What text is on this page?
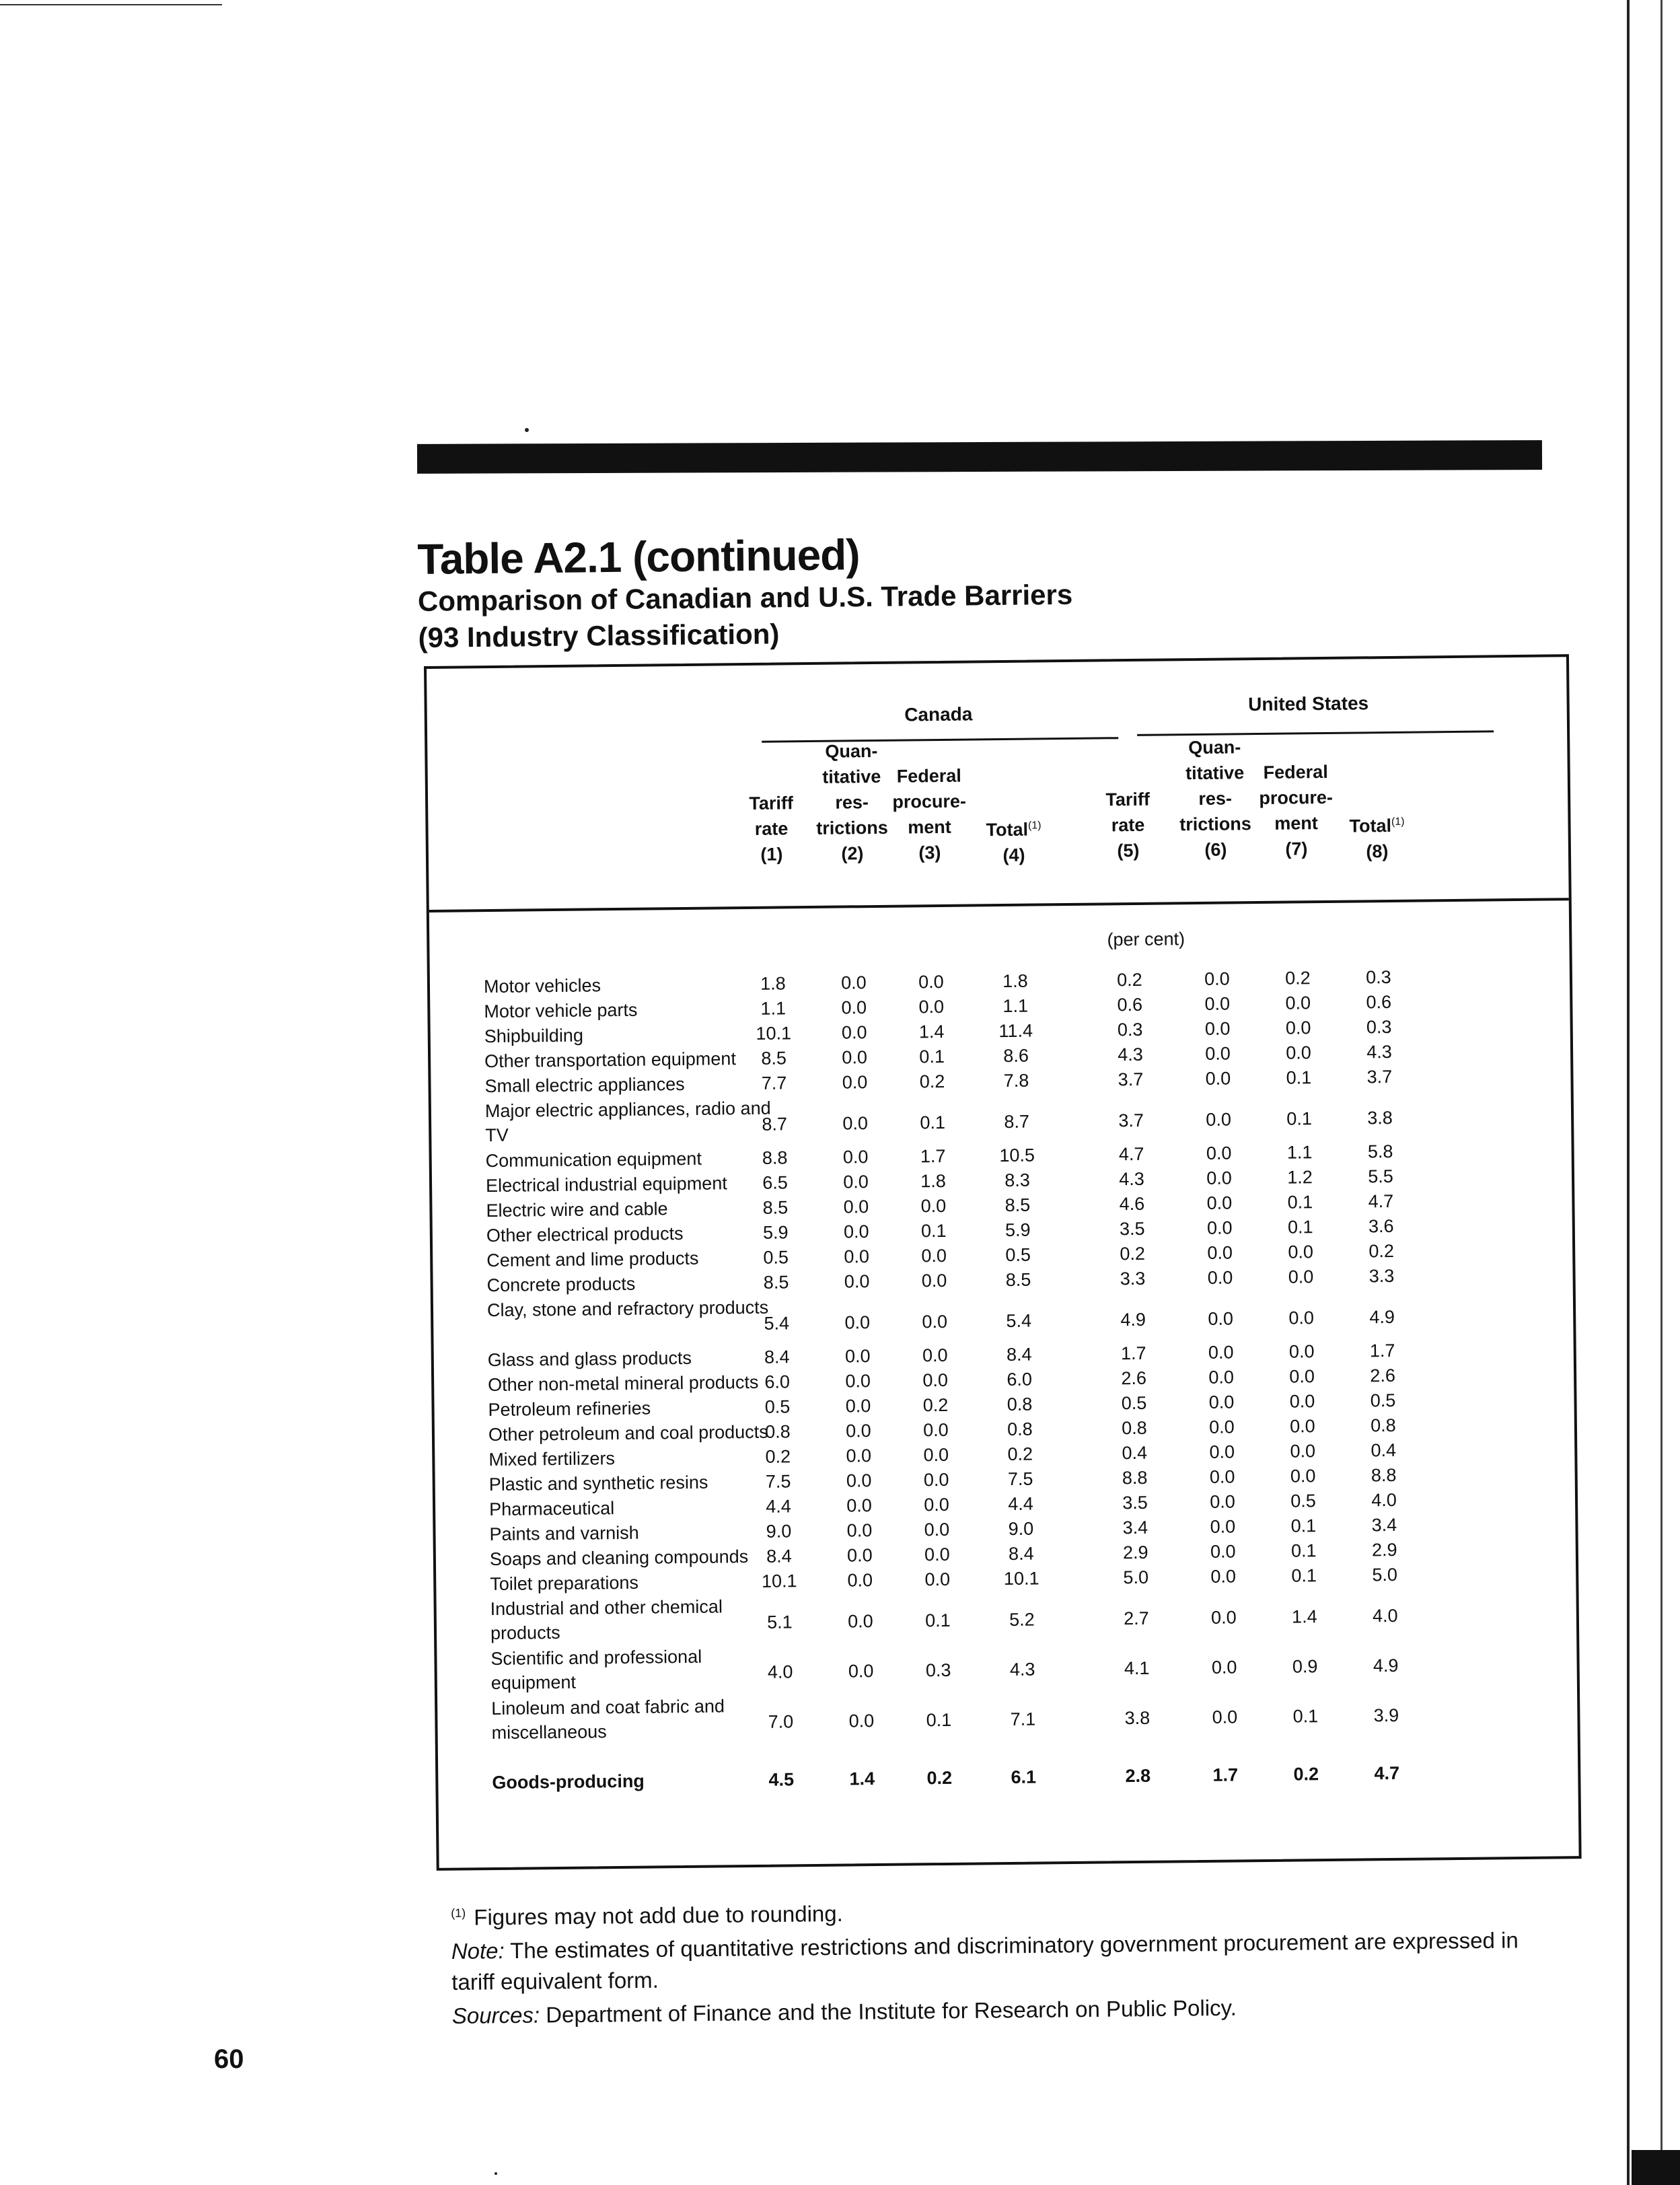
Table A2.1 (continued)

Comparison of Canadian and U.S. Trade Barriers

(93 Industry Classification)

Canada	United States
Tariff
rate
(1)
Quan-
titative
res-
trictions
(2)
Federal
procure-
ment
(3)
Total$^{(1)}$
(4)
Tariff
rate
(5)
Quan-
titative
res-
trictions
(6)
Federal
procure-
ment
(7)
Total$^{(1)}$
(8)
(per cent)
Motor vehicles	1.8	0.0	0.0	1.8	0.2	0.0	0.2	0.3
Motor vehicle parts	1.1	0.0	0.0	1.1	0.6	0.0	0.0	0.6
Shipbuilding	10.1	0.0	1.4	11.4	0.3	0.0	0.0	0.3
Other transportation equipment	8.5	0.0	0.1	8.6	4.3	0.0	0.0	4.3
Small electric appliances	7.7	0.0	0.2	7.8	3.7	0.0	0.1	3.7
Major electric appliances, radio and TV
8.7	0.0	0.1	8.7	3.7	0.0	0.1	3.8
Communication equipment	8.8	0.0	1.7	10.5	4.7	0.0	1.1	5.8
Electrical industrial equipment	6.5	0.0	1.8	8.3	4.3	0.0	1.2	5.5
Electric wire and cable	8.5	0.0	0.0	8.5	4.6	0.0	0.1	4.7
Other electrical products	5.9	0.0	0.1	5.9	3.5	0.0	0.1	3.6
Cement and lime products	0.5	0.0	0.0	0.5	0.2	0.0	0.0	0.2
Concrete products	8.5	0.0	0.0	8.5	3.3	0.0	0.0	3.3
Clay, stone and refractory products
5.4	0.0	0.0	5.4	4.9	0.0	0.0	4.9
Glass and glass products	8.4	0.0	0.0	8.4	1.7	0.0	0.0	1.7
Other non-metal mineral products 6.0	0.0	0.0	6.0	2.6	0.0	0.0	2.6
Petroleum refineries	0.5	0.0	0.2	0.8	0.5	0.0	0.0	0.5
Other petroleum and coal products
0.8	0.0	0.0	0.8	0.8	0.0	0.0	0.8
Mixed fertilizers	0.2	0.0	0.0	0.2	0.4	0.0	0.0	0.4
Plastic and synthetic resins	7.5	0.0	0.0	7.5	8.8	0.0	0.0	8.8
Pharmaceutical	4.4	0.0	0.0	4.4	3.5	0.0	0.5	4.0
Paints and varnish	9.0	0.0	0.0	9.0	3.4	0.0	0.1	3.4
Soaps and cleaning compounds 8.4	0.0	0.0	8.4	2.9	0.0	0.1	2.9
Toilet preparations	10.1	0.0	0.0	10.1	5.0	0.0	0.1	5.0
Industrial and other chemical products
5.1	0.0	0.1	5.2	2.7	0.0	1.4	4.0
Scientific and professional equipment
4.0	0.0	0.3	4.3	4.1	0.0	0.9	4.9
Linoleum and coat fabric and miscellaneous	7.0	0.0	0.1	7.1	3.8	0.0	0.1	3.9
Goods-producing	4.5	1.4	0.2	6.1	2.8	1.7	0.2	4.7

$^{(1)}$ Figures may not add due to rounding.

Note: The estimates of quantitative restrictions and discriminatory government procurement are expressed in tariff equivalent form.

Sources: Department of Finance and the Institute for Research on Public Policy.

60
